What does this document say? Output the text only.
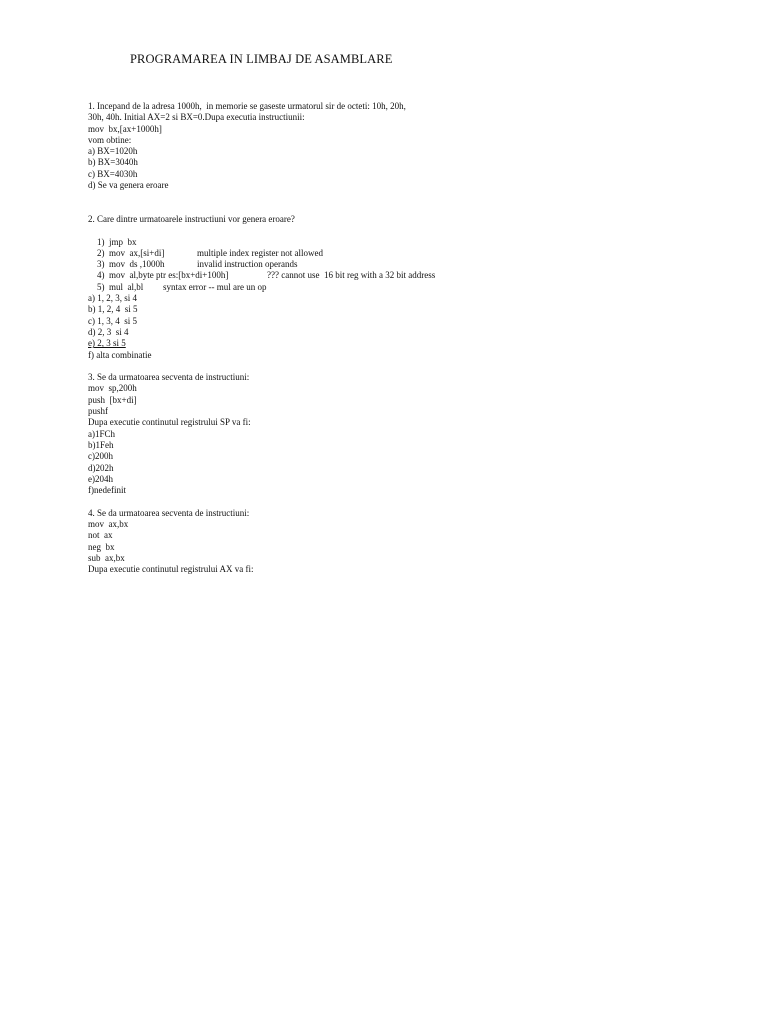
PROGRAMAREA IN LIMBAJ DE ASAMBLARE
1. Incepand de la adresa 1000h,  in memorie se gaseste urmatorul sir de octeti: 10h, 20h,
30h, 40h. Initial AX=2 si BX=0.Dupa executia instructiunii:
mov  bx,[ax+1000h]
vom obtine:
a) BX=1020h
b) BX=3040h
c) BX=4030h
d) Se va genera eroare
2. Care dintre urmatoarele instructiuni vor genera eroare?

1)  jmp  bx

2)  mov  ax,[si+di]	multiple index register not allowed

3)  mov  ds ,1000h	invalid instruction operands

4)  mov  al,byte ptr es:[bx+di+100h]	??? cannot use  16 bit reg with a 32 bit address

5)  mul  al,bl syntax error -- mul are un op

a) 1, 2, 3, si 4
b) 1, 2, 4  si 5
c) 1, 3, 4  si 5
d) 2, 3  si 4
e) 2, 3 si 5
f) alta combinatie
3. Se da urmatoarea secventa de instructiuni:
mov  sp,200h
push  [bx+di]
pushf
Dupa executie continutul registrului SP va fi:
a)1FCh
b)1Feh
c)200h
d)202h
e)204h
f)nedefinit
4. Se da urmatoarea secventa de instructiuni:
mov  ax,bx
not  ax
neg  bx
sub  ax,bx
Dupa executie continutul registrului AX va fi:
